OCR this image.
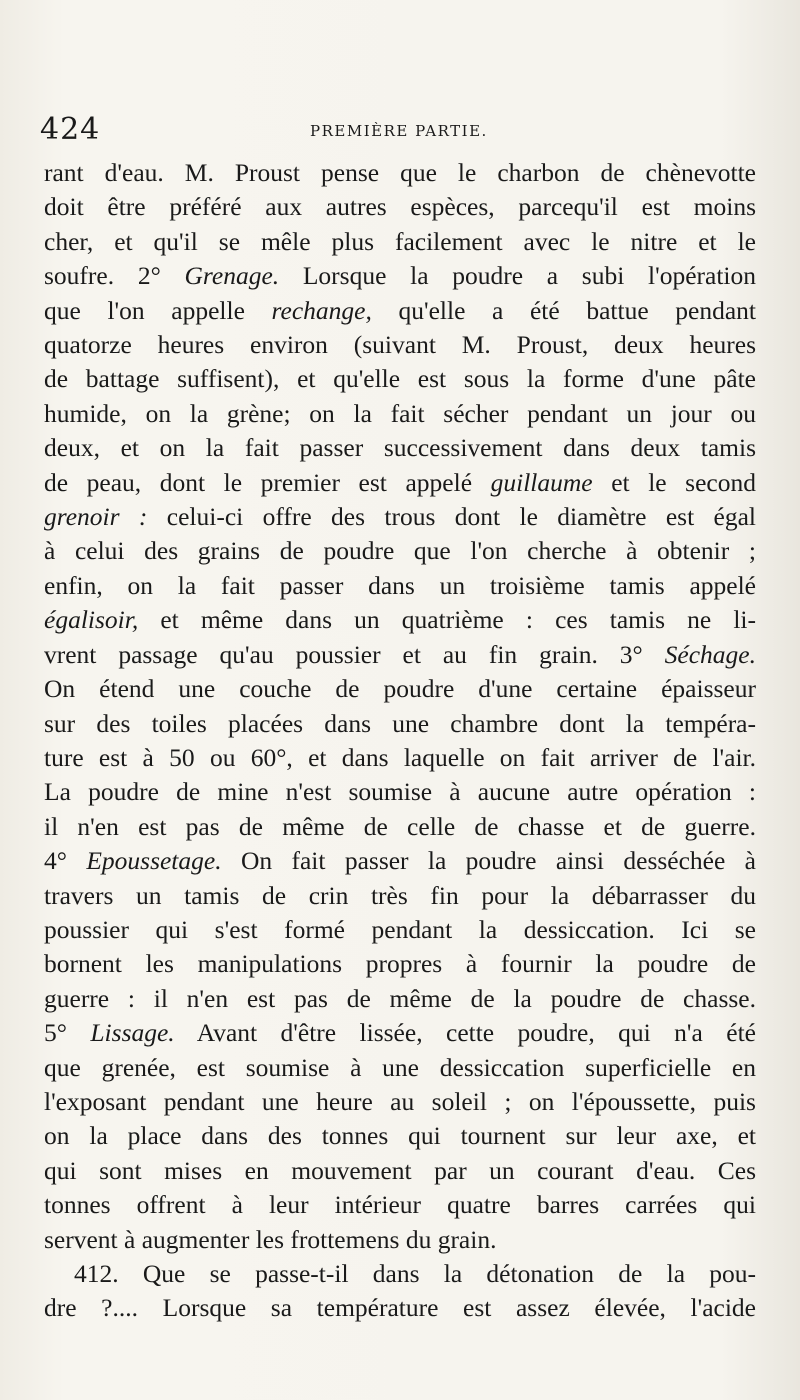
424	PREMIÈRE PARTIE.
rant d'eau. M. Proust pense que le charbon de chènevotte
doit être préféré aux autres espèces, parcequ'il est moins
cher, et qu'il se mêle plus facilement avec le nitre et le
soufre. 2° Grenage. Lorsque la poudre a subi l'opération
que l'on appelle rechange, qu'elle a été battue pendant
quatorze heures environ (suivant M. Proust, deux heures
de battage suffisent), et qu'elle est sous la forme d'une pâte
humide, on la grène; on la fait sécher pendant un jour ou
deux, et on la fait passer successivement dans deux tamis
de peau, dont le premier est appelé guillaume et le second
grenoir : celui-ci offre des trous dont le diamètre est égal
à celui des grains de poudre que l'on cherche à obtenir ;
enfin, on la fait passer dans un troisième tamis appelé
égalisoir, et même dans un quatrième : ces tamis ne li-
vrent passage qu'au poussier et au fin grain. 3° Séchage.
On étend une couche de poudre d'une certaine épaisseur
sur des toiles placées dans une chambre dont la tempéra-
ture est à 50 ou 60°, et dans laquelle on fait arriver de l'air.
La poudre de mine n'est soumise à aucune autre opération :
il n'en est pas de même de celle de chasse et de guerre.
4° Epoussetage. On fait passer la poudre ainsi desséchée à
travers un tamis de crin très fin pour la débarrasser du
poussier qui s'est formé pendant la dessiccation. Ici se
bornent les manipulations propres à fournir la poudre de
guerre : il n'en est pas de même de la poudre de chasse.
5° Lissage. Avant d'être lissée, cette poudre, qui n'a été
que grenée, est soumise à une dessiccation superficielle en
l'exposant pendant une heure au soleil ; on l'époussette, puis
on la place dans des tonnes qui tournent sur leur axe, et
qui sont mises en mouvement par un courant d'eau. Ces
tonnes offrent à leur intérieur quatre barres carrées qui
servent à augmenter les frottemens du grain.
412. Que se passe-t-il dans la détonation de la pou-
dre ?.... Lorsque sa température est assez élevée, l'acide
